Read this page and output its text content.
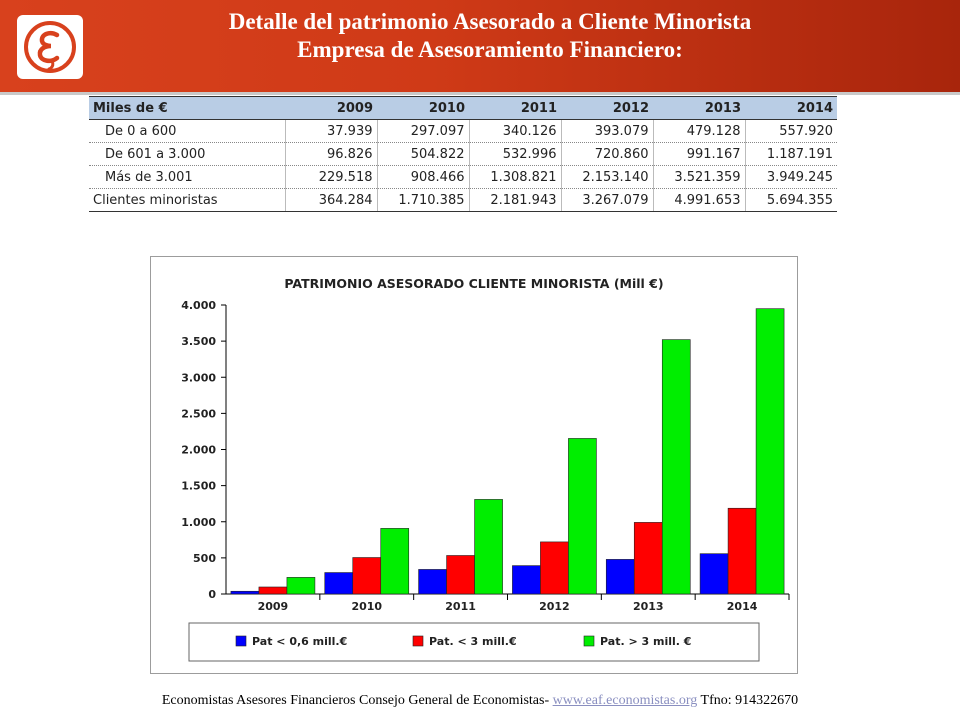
Detalle del patrimonio Asesorado a Cliente Minorista
Empresa de Asesoramiento Financiero:
Miles de €	2009	2010	2011	2012	2013	2014
De 0 a 600	37.939	297.097	340.126	393.079	479.128	557.920
De 601 a 3.000	96.826	504.822	532.996	720.860	991.167	1.187.191
Más de 3.001	229.518	908.466	1.308.821	2.153.140	3.521.359	3.949.245
Clientes minoristas	364.284	1.710.385	2.181.943	3.267.079	4.991.653	5.694.355
PATRIMONIO ASESORADO CLIENTE MINORISTA (Mill €)
0
500
1.000
1.500
2.000
2.500
3.000
3.500
4.000
2009	2010	2011	2012	2013	2014
Pat < 0,6 mill.€	Pat. < 3 mill.€	Pat. > 3 mill. €
Economistas Asesores Financieros Consejo General de Economistas- www.eaf.economistas.org Tfno: 914322670
